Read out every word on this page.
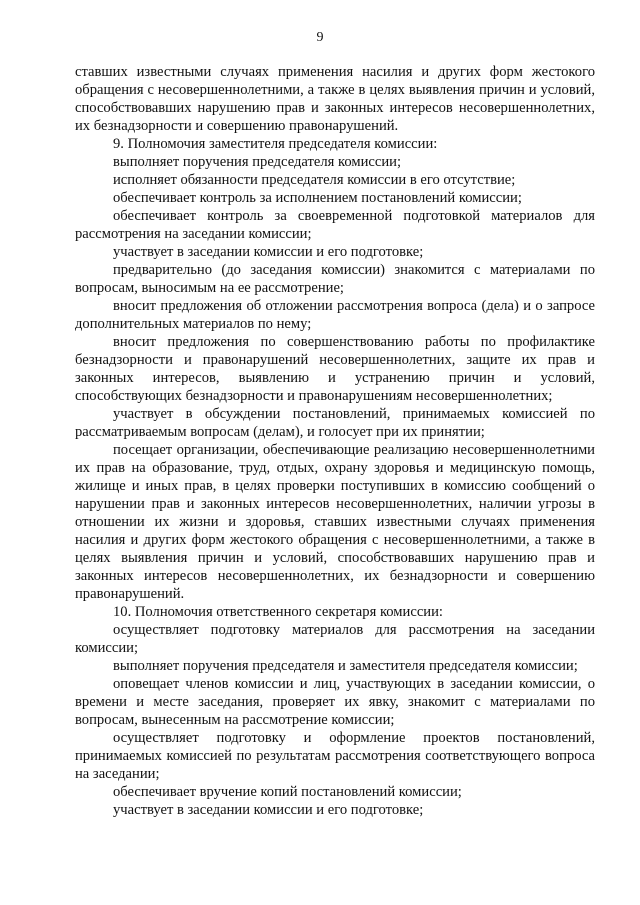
9

ставших известными случаях применения насилия и других форм жестокого обращения с несовершеннолетними, а также в целях выявления причин и условий, способствовавших нарушению прав и законных интересов несовершеннолетних, их безнадзорности и совершению правонарушений.

9. Полномочия заместителя председателя комиссии:

выполняет поручения председателя комиссии;

исполняет обязанности председателя комиссии в его отсутствие;

обеспечивает контроль за исполнением постановлений комиссии;

обеспечивает контроль за своевременной подготовкой материалов для рассмотрения на заседании комиссии;

участвует в заседании комиссии и его подготовке;

предварительно (до заседания комиссии) знакомится с материалами по вопросам, выносимым на ее рассмотрение;

вносит предложения об отложении рассмотрения вопроса (дела) и о запросе дополнительных материалов по нему;

вносит предложения по совершенствованию работы по профилактике безнадзорности и правонарушений несовершеннолетних, защите их прав и законных интересов, выявлению и устранению причин и условий, способствующих безнадзорности и правонарушениям несовершеннолетних;

участвует в обсуждении постановлений, принимаемых комиссией по рассматриваемым вопросам (делам), и голосует при их принятии;

посещает организации, обеспечивающие реализацию несовершеннолетними их прав на образование, труд, отдых, охрану здоровья и медицинскую помощь, жилище и иных прав, в целях проверки поступивших в комиссию сообщений о нарушении прав и законных интересов несовершеннолетних, наличии угрозы в отношении их жизни и здоровья, ставших известными случаях применения насилия и других форм жестокого обращения с несовершеннолетними, а также в целях выявления причин и условий, способствовавших нарушению прав и законных интересов несовершеннолетних, их безнадзорности и совершению правонарушений.

10. Полномочия ответственного секретаря комиссии:

осуществляет подготовку материалов для рассмотрения на заседании комиссии;

выполняет поручения председателя и заместителя председателя комиссии;

оповещает членов комиссии и лиц, участвующих в заседании комиссии, о времени и месте заседания, проверяет их явку, знакомит с материалами по вопросам, вынесенным на рассмотрение комиссии;

осуществляет подготовку и оформление проектов постановлений, принимаемых комиссией по результатам рассмотрения соответствующего вопроса на заседании;

обеспечивает вручение копий постановлений комиссии;

участвует в заседании комиссии и его подготовке;
